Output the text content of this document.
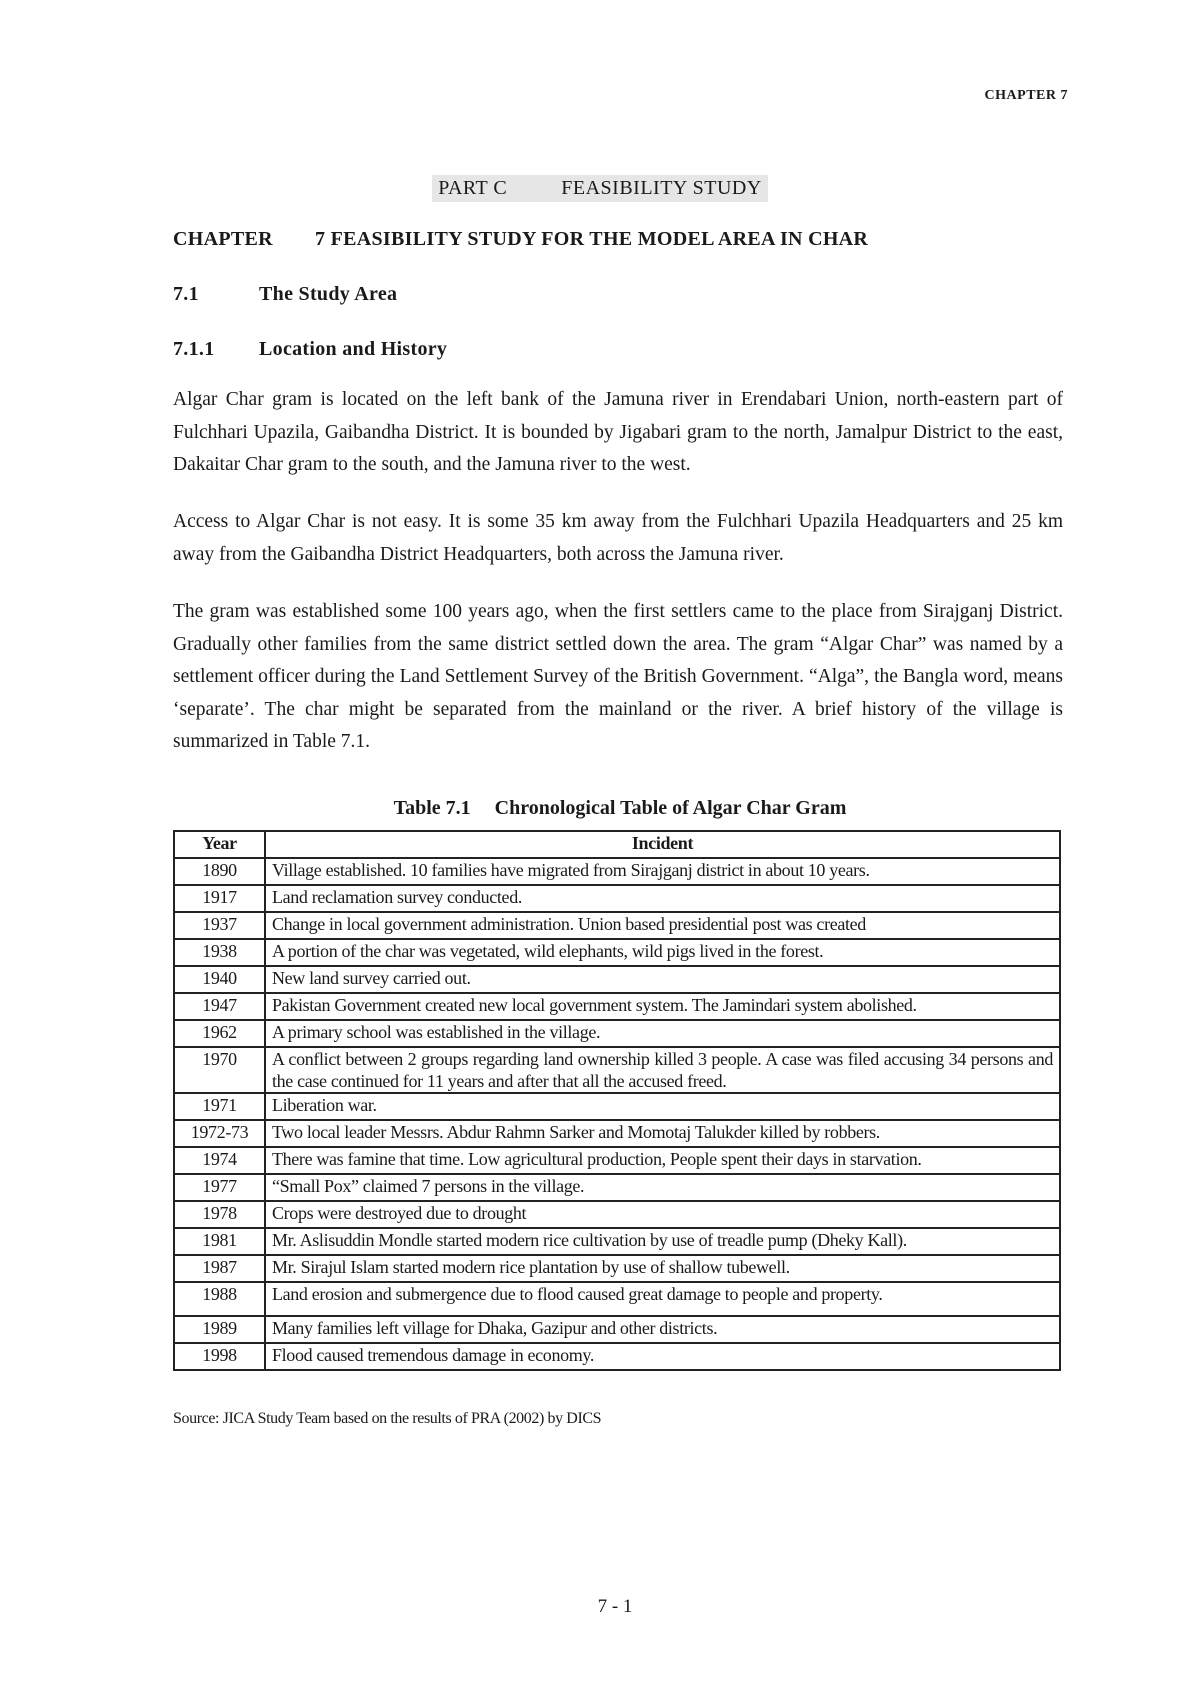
CHAPTER 7
PART C	FEASIBILITY STUDY
CHAPTER 7 FEASIBILITY STUDY FOR THE MODEL AREA IN CHAR
7.1	The Study Area
7.1.1 Location and History

Algar Char gram is located on the left bank of the Jamuna river in Erendabari Union, north-eastern part of Fulchhari Upazila, Gaibandha District. It is bounded by Jigabari gram to the north, Jamalpur District to the east, Dakaitar Char gram to the south, and the Jamuna river to the west.

Access to Algar Char is not easy. It is some 35 km away from the Fulchhari Upazila Headquarters and 25 km away from the Gaibandha District Headquarters, both across the Jamuna river.

The gram was established some 100 years ago, when the first settlers came to the place from Sirajganj District. Gradually other families from the same district settled down the area. The gram “Algar Char” was named by a settlement officer during the Land Settlement Survey of the British Government. “Alga”, the Bangla word, means ‘separate’. The char might be separated from the mainland or the river. A brief history of the village is summarized in Table 7.1.

Table 7.1 Chronological Table of Algar Char Gram
Year	Incident
1890	Village established. 10 families have migrated from Sirajganj district in about 10 years.
1917	Land reclamation survey conducted.
1937	Change in local government administration. Union based presidential post was created
1938	A portion of the char was vegetated, wild elephants, wild pigs lived in the forest.
1940	New land survey carried out.
1947	Pakistan Government created new local government system. The Jamindari system abolished.
1962	A primary school was established in the village.
1970	A conflict between 2 groups regarding land ownership killed 3 people. A case was filed accusing 34 persons and the case continued for 11 years and after that all the accused freed.
1971	Liberation war.
1972-73	Two local leader Messrs. Abdur Rahmn Sarker and Momotaj Talukder killed by robbers.
1974	There was famine that time. Low agricultural production, People spent their days in starvation.
1977	“Small Pox” claimed 7 persons in the village.
1978	Crops were destroyed due to drought
1981	Mr. Aslisuddin Mondle started modern rice cultivation by use of treadle pump (Dheky Kall).
1987	Mr. Sirajul Islam started modern rice plantation by use of shallow tubewell.
1988	Land erosion and submergence due to flood caused great damage to people and property.
1989	Many families left village for Dhaka, Gazipur and other districts.
1998	Flood caused tremendous damage in economy.
Source: JICA Study Team based on the results of PRA (2002) by DICS
7 - 1
